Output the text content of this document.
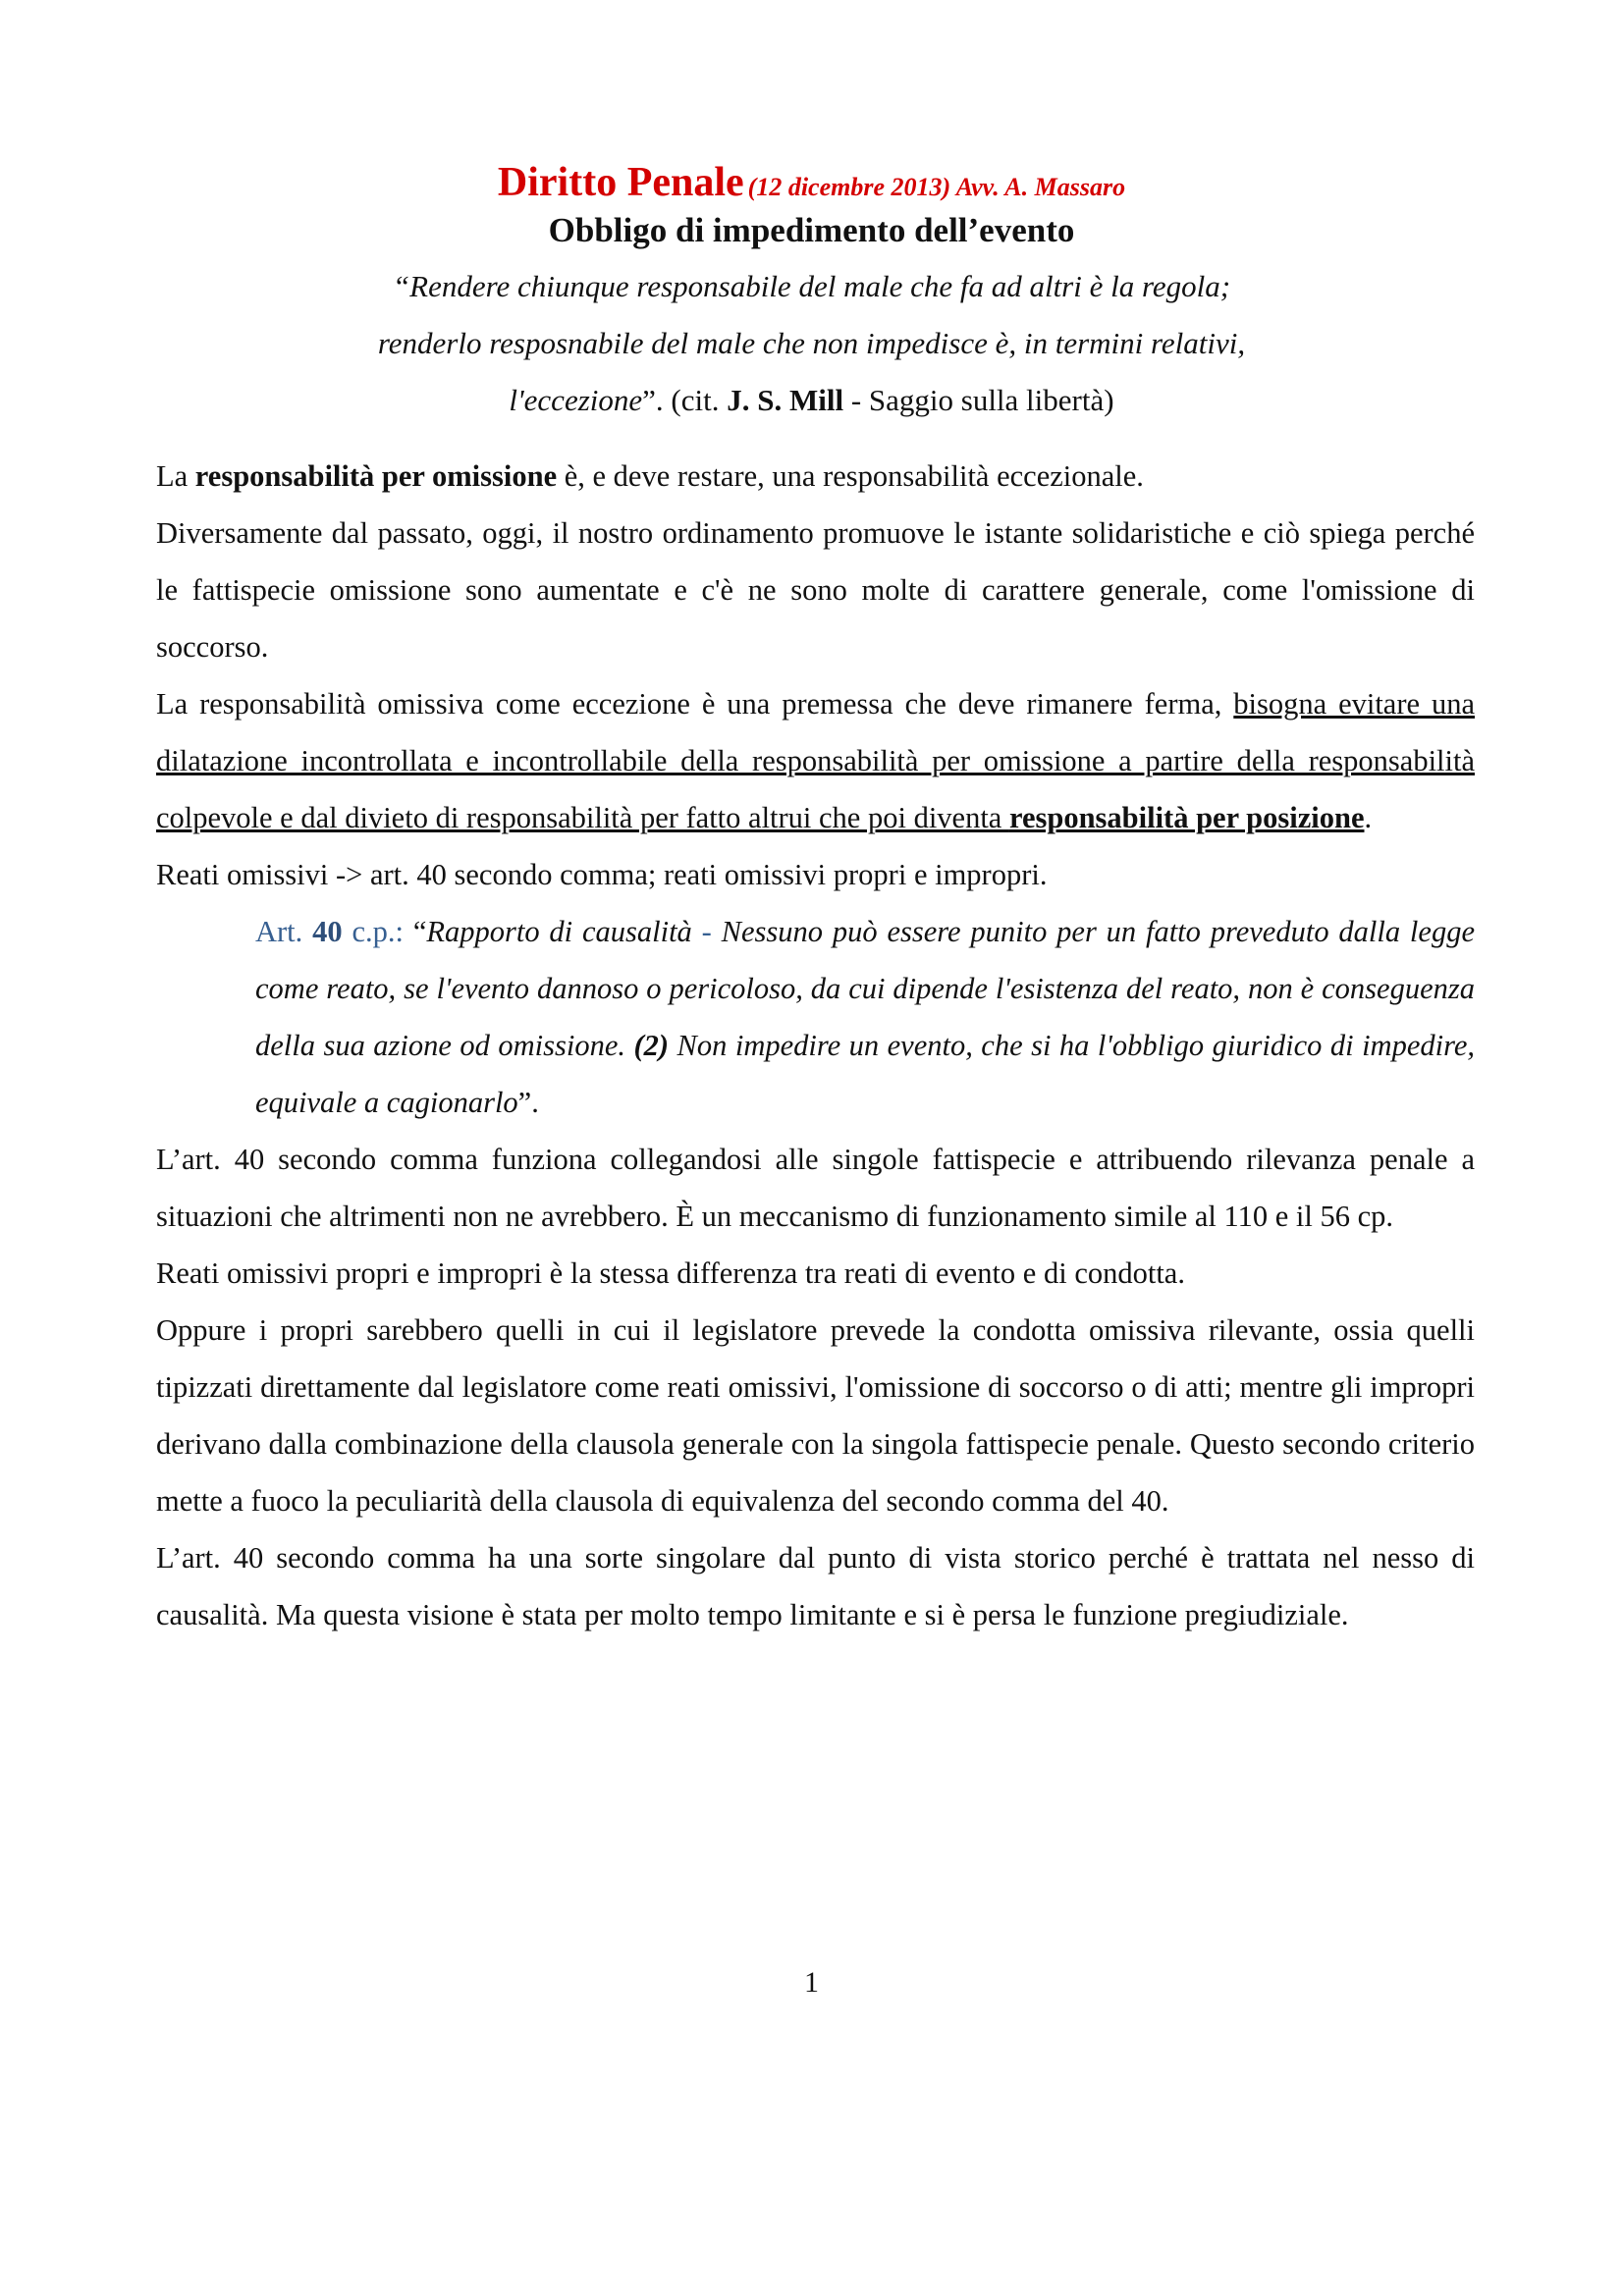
Diritto Penale (12 dicembre 2013) Avv. A. Massaro
Obbligo di impedimento dell’evento
“Rendere chiunque responsabile del male che fa ad altri è la regola;
renderlo resposnabile del male che non impedisce è, in termini relativi,
l'eccezione”. (cit. J. S. Mill - Saggio sulla libertà)

La responsabilità per omissione è, e deve restare, una responsabilità eccezionale.

Diversamente dal passato, oggi, il nostro ordinamento promuove le istante solidaristiche e ciò spiega perché le fattispecie omissione sono aumentate e c'è ne sono molte di carattere generale, come l'omissione di soccorso.

La responsabilità omissiva come eccezione è una premessa che deve rimanere ferma, bisogna evitare una dilatazione incontrollata e incontrollabile della responsabilità per omissione a partire della responsabilità colpevole e dal divieto di responsabilità per fatto altrui che poi diventa responsabilità per posizione.

Reati omissivi -> art. 40 secondo comma; reati omissivi propri e impropri.

Art. 40 c.p.: “Rapporto di causalità - Nessuno può essere punito per un fatto preveduto dalla legge come reato, se l'evento dannoso o pericoloso, da cui dipende l'esistenza del reato, non è conseguenza della sua azione od omissione. (2) Non impedire un evento, che si ha l'obbligo giuridico di impedire, equivale a cagionarlo”.

L’art. 40 secondo comma funziona collegandosi alle singole fattispecie e attribuendo rilevanza penale a situazioni che altrimenti non ne avrebbero. È un meccanismo di funzionamento simile al 110 e il 56 cp.

Reati omissivi propri e impropri è la stessa differenza tra reati di evento e di condotta.

Oppure i propri sarebbero quelli in cui il legislatore prevede la condotta omissiva rilevante, ossia quelli tipizzati direttamente dal legislatore come reati omissivi, l'omissione di soccorso o di atti; mentre gli impropri derivano dalla combinazione della clausola generale con la singola fattispecie penale. Questo secondo criterio mette a fuoco la peculiarità della clausola di equivalenza del secondo comma del 40.

L’art. 40 secondo comma ha una sorte singolare dal punto di vista storico perché è trattata nel nesso di causalità. Ma questa visione è stata per molto tempo limitante e si è persa le funzione pregiudiziale.

1
